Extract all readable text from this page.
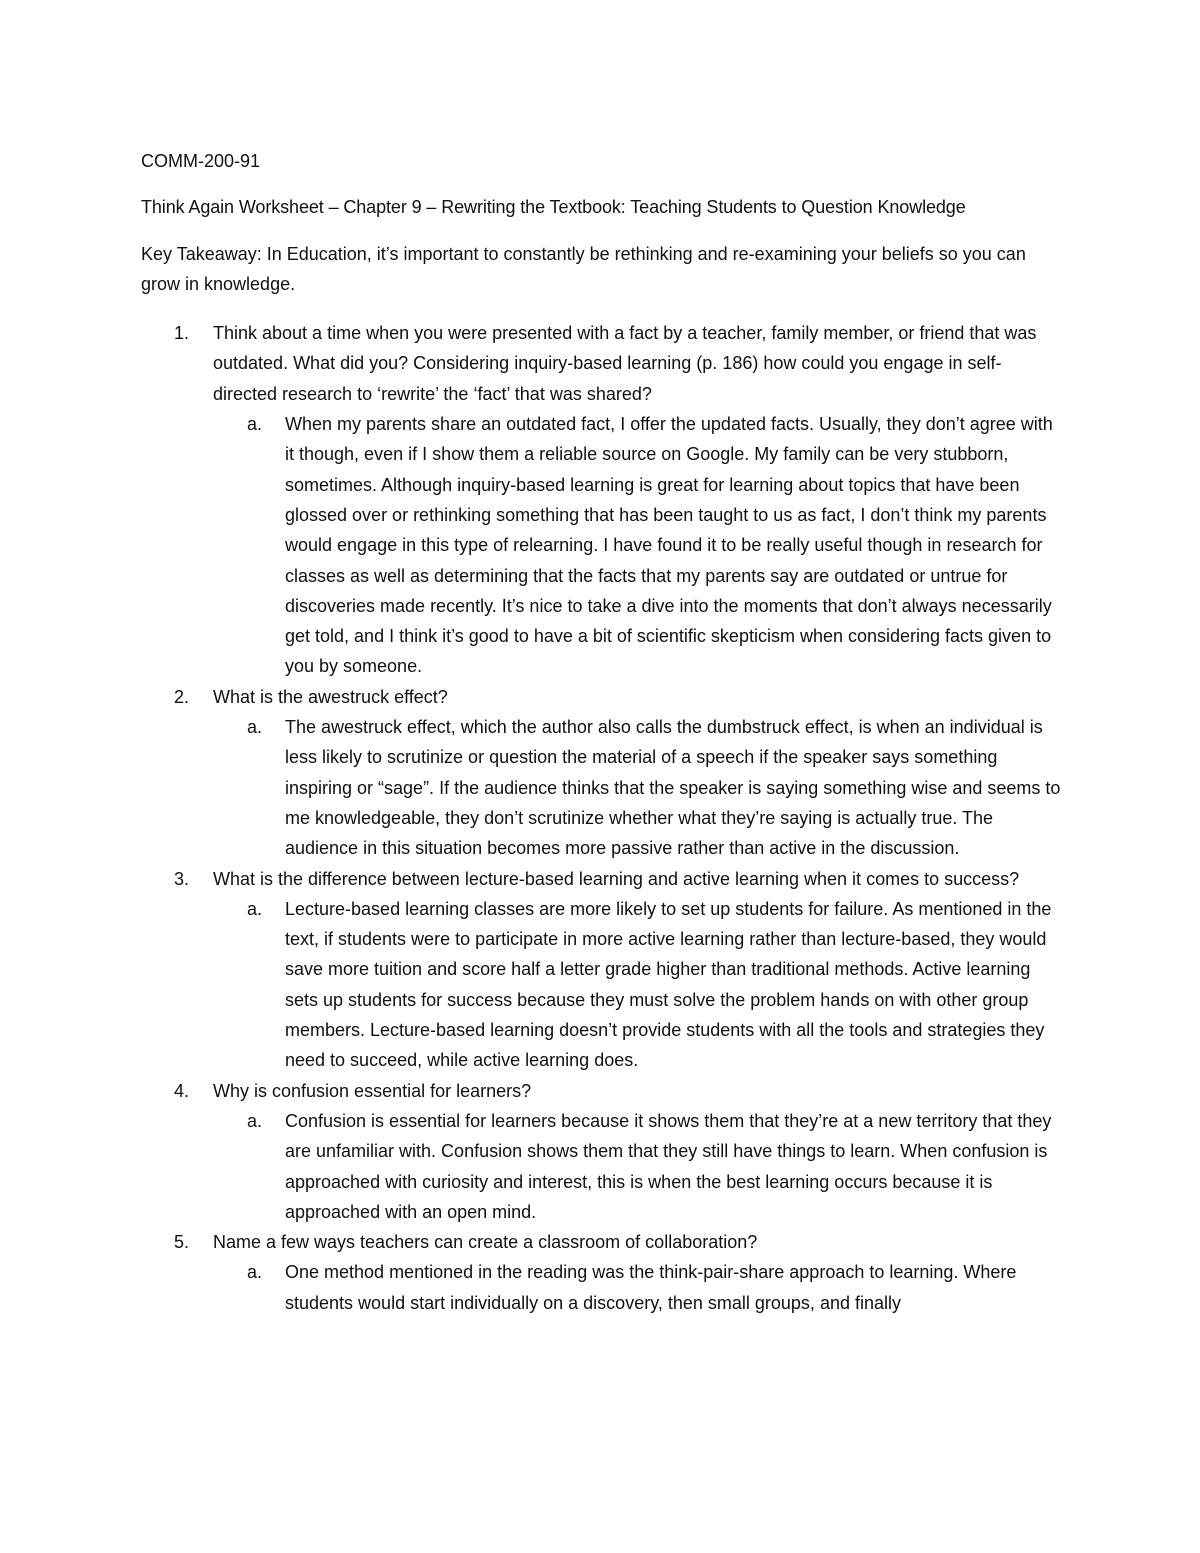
COMM-200-91

Think Again Worksheet – Chapter 9 – Rewriting the Textbook: Teaching Students to Question Knowledge

Key Takeaway: In Education, it’s important to constantly be rethinking and re-examining your beliefs so you can grow in knowledge.

1. Think about a time when you were presented with a fact by a teacher, family member, or friend that was outdated. What did you? Considering inquiry-based learning (p. 186) how could you engage in self-directed research to ‘rewrite’ the ‘fact’ that was shared?
a. When my parents share an outdated fact, I offer the updated facts. Usually, they don’t agree with it though, even if I show them a reliable source on Google. My family can be very stubborn, sometimes. Although inquiry-based learning is great for learning about topics that have been glossed over or rethinking something that has been taught to us as fact, I don’t think my parents would engage in this type of relearning. I have found it to be really useful though in research for classes as well as determining that the facts that my parents say are outdated or untrue for discoveries made recently. It’s nice to take a dive into the moments that don’t always necessarily get told, and I think it’s good to have a bit of scientific skepticism when considering facts given to you by someone.
2. What is the awestruck effect?
a. The awestruck effect, which the author also calls the dumbstruck effect, is when an individual is less likely to scrutinize or question the material of a speech if the speaker says something inspiring or “sage”. If the audience thinks that the speaker is saying something wise and seems to me knowledgeable, they don’t scrutinize whether what they’re saying is actually true. The audience in this situation becomes more passive rather than active in the discussion.
3. What is the difference between lecture-based learning and active learning when it comes to success?
a. Lecture-based learning classes are more likely to set up students for failure. As mentioned in the text, if students were to participate in more active learning rather than lecture-based, they would save more tuition and score half a letter grade higher than traditional methods. Active learning sets up students for success because they must solve the problem hands on with other group members. Lecture-based learning doesn’t provide students with all the tools and strategies they need to succeed, while active learning does.
4. Why is confusion essential for learners?
a. Confusion is essential for learners because it shows them that they’re at a new territory that they are unfamiliar with. Confusion shows them that they still have things to learn. When confusion is approached with curiosity and interest, this is when the best learning occurs because it is approached with an open mind.
5. Name a few ways teachers can create a classroom of collaboration?
a. One method mentioned in the reading was the think-pair-share approach to learning. Where students would start individually on a discovery, then small groups, and finally
